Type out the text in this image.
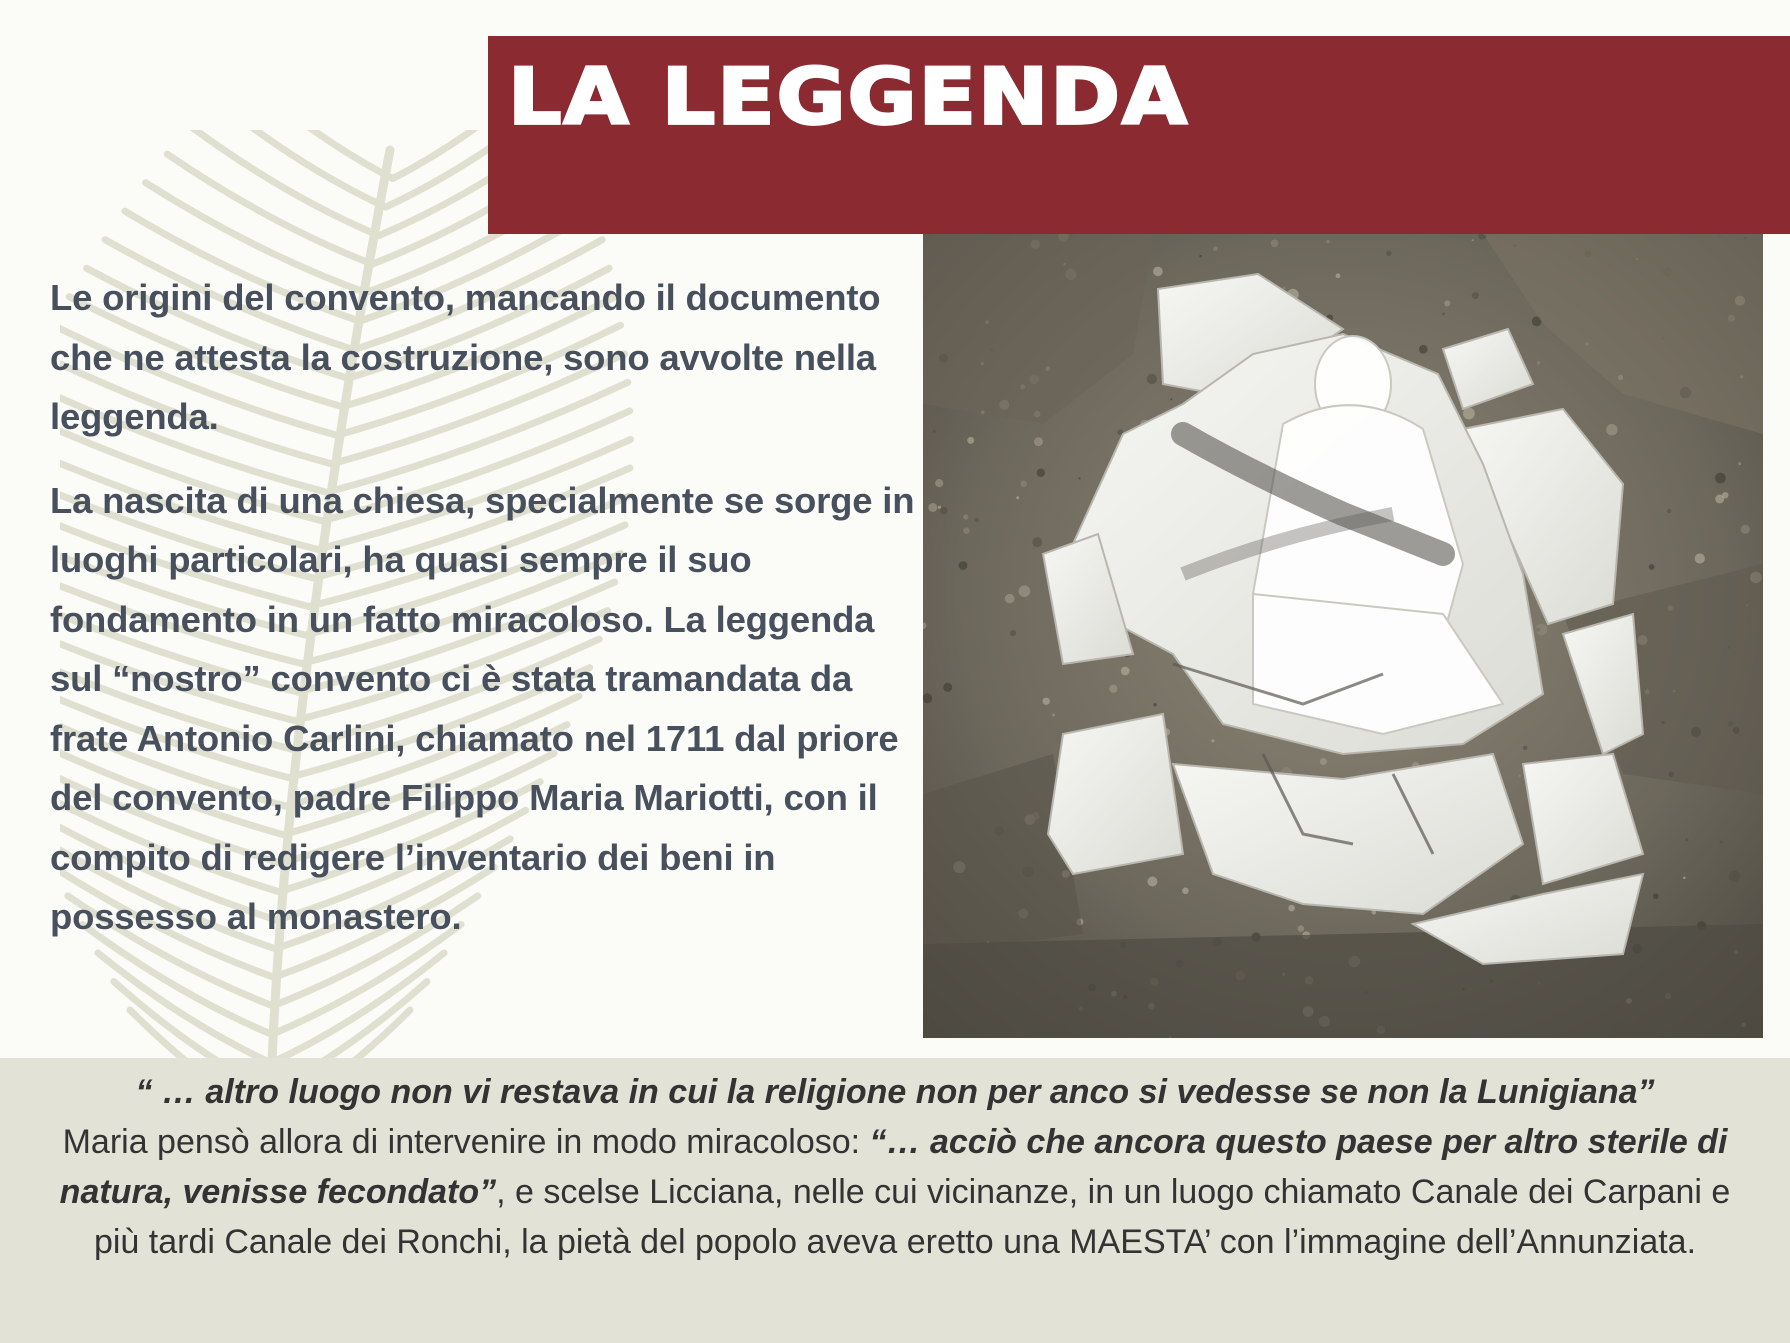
LA LEGGENDA

Le origini del convento, mancando il documento che ne attesta la costruzione, sono avvolte nella leggenda.

La nascita di una chiesa, specialmente se sorge in luoghi particolari, ha quasi sempre il suo fondamento in un fatto miracoloso. La leggenda sul “nostro” convento ci è stata tramandata da frate Antonio Carlini, chiamato nel 1711 dal priore del convento, padre Filippo Maria Mariotti, con il compito di redigere l’inventario dei beni in possesso al monastero.

“ … altro luogo non vi restava in cui la religione non per anco si vedesse se non la Lunigiana”
Maria pensò allora di intervenire in modo miracoloso: “… acciò che ancora questo paese per altro sterile di natura, venisse fecondato”, e scelse Licciana, nelle cui vicinanze, in un luogo chiamato Canale dei Carpani e più tardi Canale dei Ronchi, la pietà del popolo aveva eretto una MAESTA’ con l’immagine dell’Annunziata.
